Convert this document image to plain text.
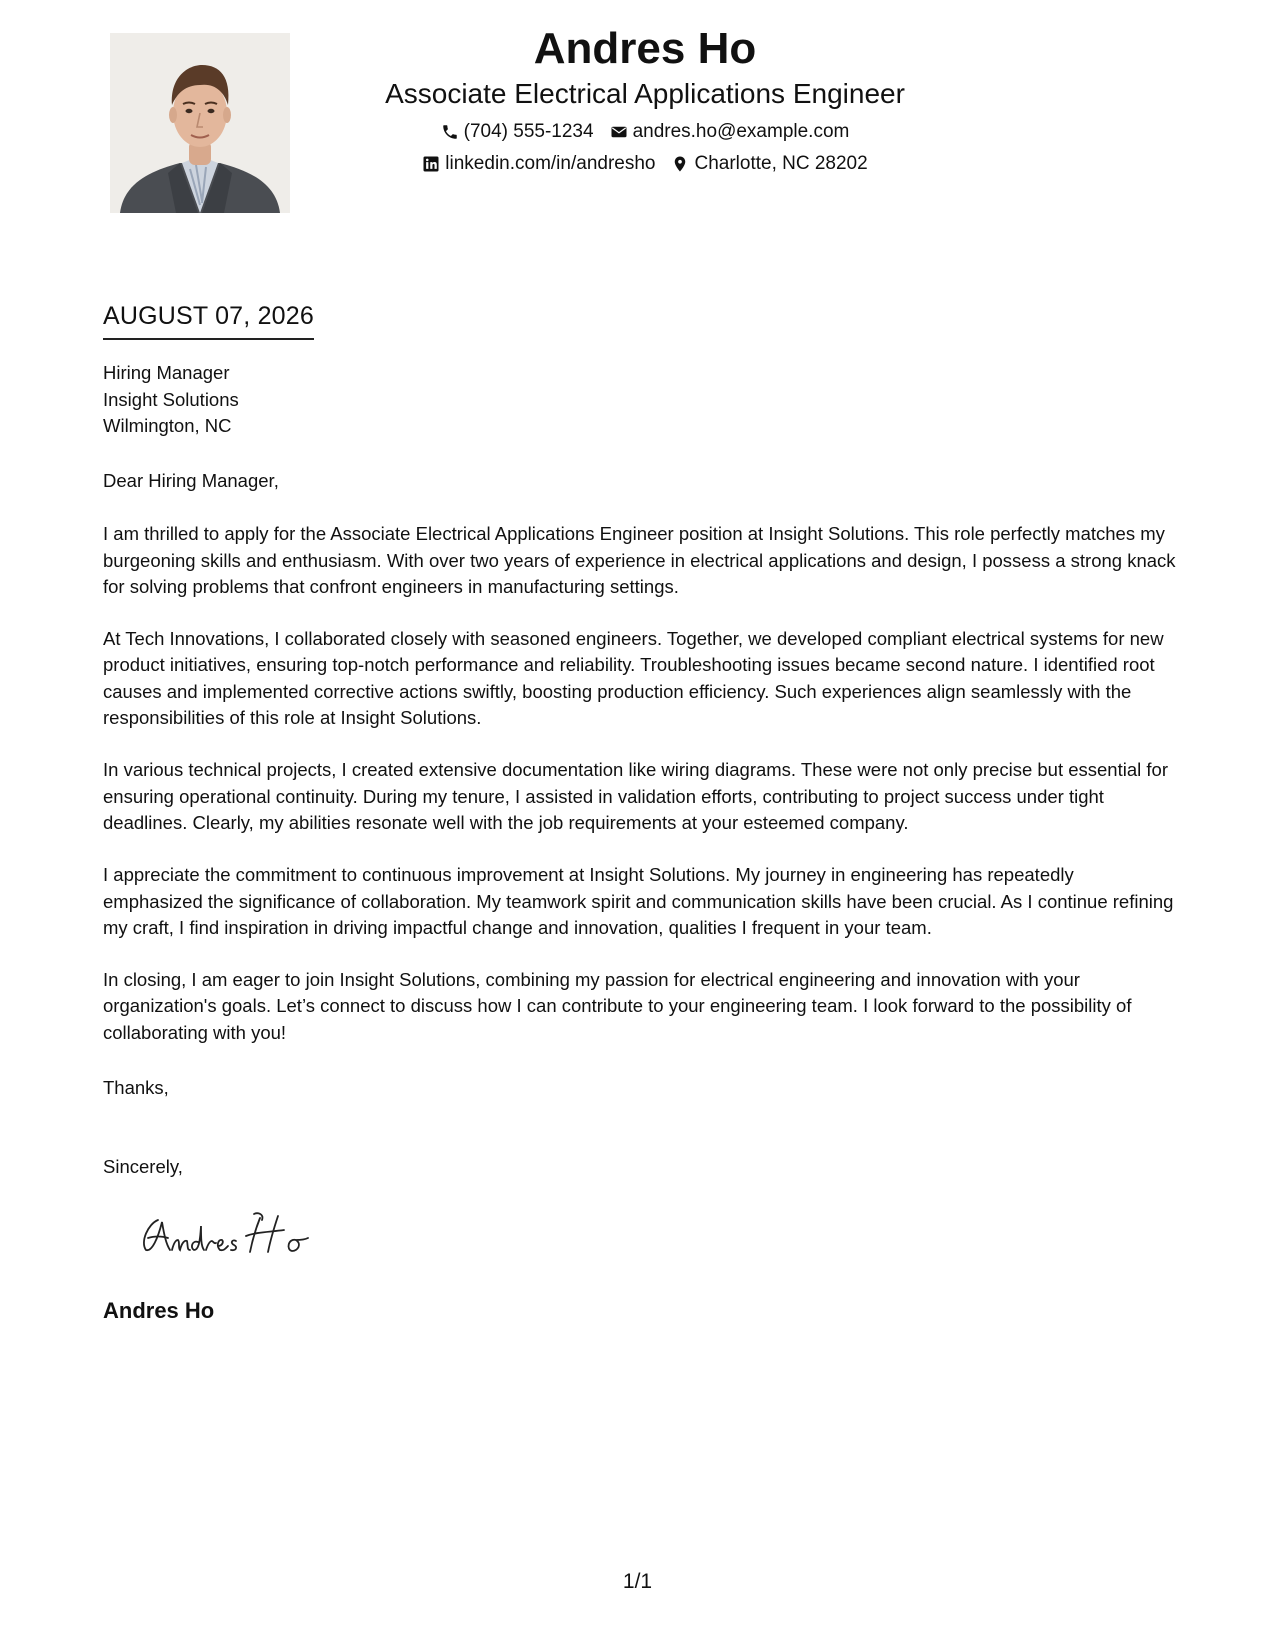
Andres Ho
Associate Electrical Applications Engineer
(704) 555-1234 andres.ho@example.com
linkedin.com/in/andresho Charlotte, NC 28202
AUGUST 07, 2026
Hiring Manager
Insight Solutions
Wilmington, NC

Dear Hiring Manager,

I am thrilled to apply for the Associate Electrical Applications Engineer position at Insight Solutions. This role perfectly matches my burgeoning skills and enthusiasm. With over two years of experience in electrical applications and design, I possess a strong knack for solving problems that confront engineers in manufacturing settings.

At Tech Innovations, I collaborated closely with seasoned engineers. Together, we developed compliant electrical systems for new product initiatives, ensuring top-notch performance and reliability. Troubleshooting issues became second nature. I identified root causes and implemented corrective actions swiftly, boosting production efficiency. Such experiences align seamlessly with the responsibilities of this role at Insight Solutions.

In various technical projects, I created extensive documentation like wiring diagrams. These were not only precise but essential for ensuring operational continuity. During my tenure, I assisted in validation efforts, contributing to project success under tight deadlines. Clearly, my abilities resonate well with the job requirements at your esteemed company.

I appreciate the commitment to continuous improvement at Insight Solutions. My journey in engineering has repeatedly emphasized the significance of collaboration. My teamwork spirit and communication skills have been crucial. As I continue refining my craft, I find inspiration in driving impactful change and innovation, qualities I frequent in your team.

In closing, I am eager to join Insight Solutions, combining my passion for electrical engineering and innovation with your organization's goals. Let’s connect to discuss how I can contribute to your engineering team. I look forward to the possibility of collaborating with you!

Thanks,
Sincerely,
Andres Ho
1/1
